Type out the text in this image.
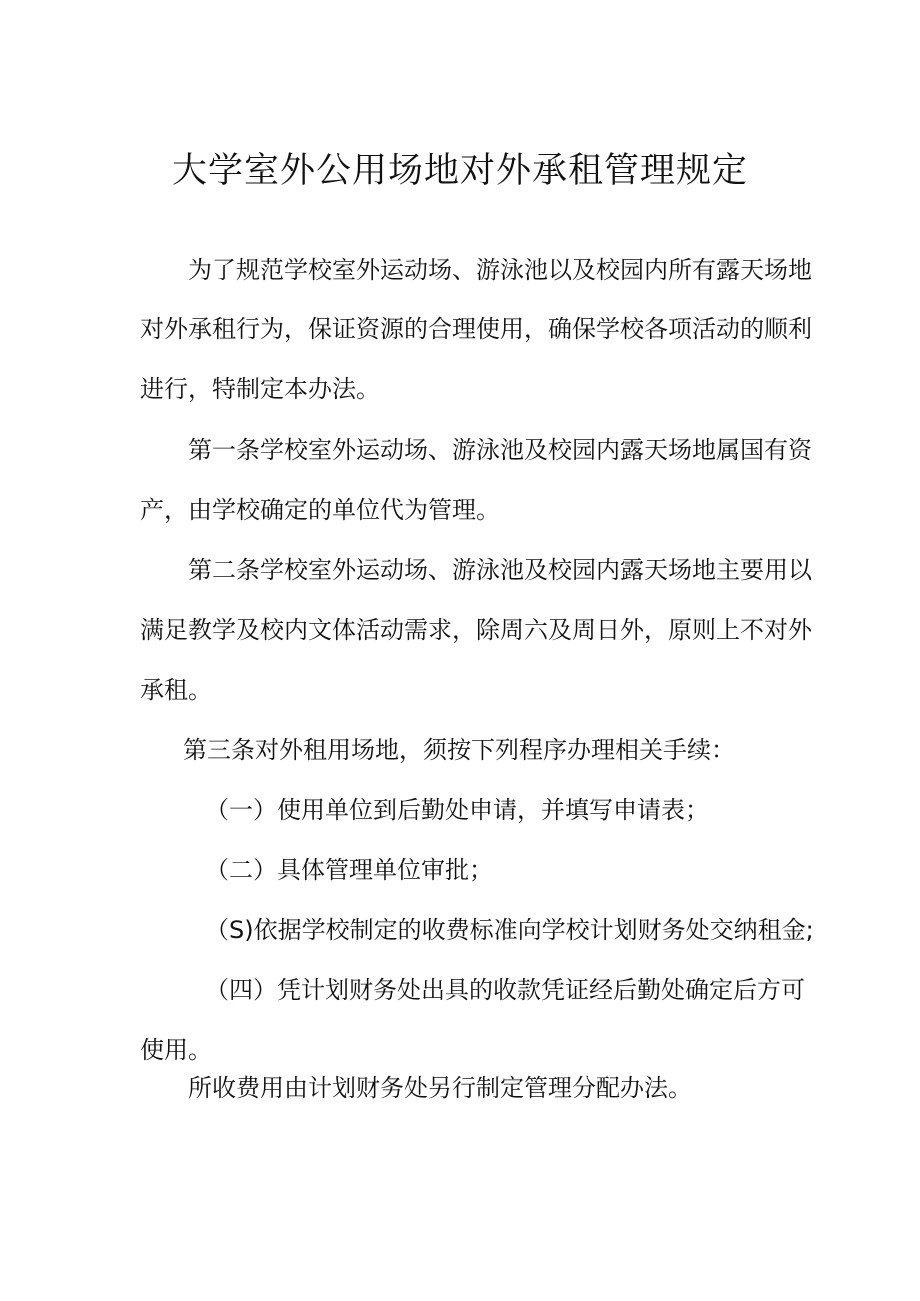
大学室外公用场地对外承租管理规定
为了规范学校室外运动场、游泳池以及校园内所有露天场地
对外承租行为，保证资源的合理使用，确保学校各项活动的顺利
进行，特制定本办法。
第一条学校室外运动场、游泳池及校园内露天场地属国有资
产，由学校确定的单位代为管理。
第二条学校室外运动场、游泳池及校园内露天场地主要用以
满足教学及校内文体活动需求，除周六及周日外，原则上不对外
承租。
第三条对外租用场地，须按下列程序办理相关手续：
（一）使用单位到后勤处申请，并填写申请表；
（二）具体管理单位审批；
（S)依据学校制定的收费标准向学校计划财务处交纳租金;
（四）凭计划财务处出具的收款凭证经后勤处确定后方可
使用。
所收费用由计划财务处另行制定管理分配办法。
